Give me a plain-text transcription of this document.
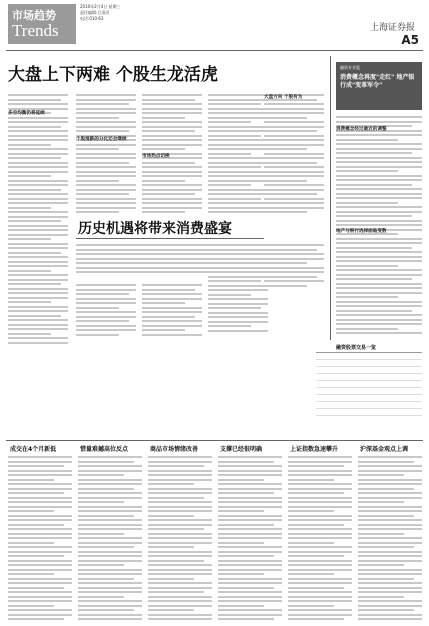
市场趋势
Trends
2010年2月4日 星期三
责任编辑:吕清河
电话:010-63
上海证券报
A5
大盘上下两难 个股生龙活虎
多空均衡仍将延续
个股涨跌的分化还会继续
市场热点切换
大盘方向 个股有为
融资专业股
消费概念再度"走红" 地产银行成"变革军令"
消费概念经过最近的调整
地产与银行选择面临变数
历史机遇将带来消费盛宴
融资股票交易一览
成交在4个月新低	惜量难撼高位反点	商品市场情绪改善	支撑已经很明确	上证指数急速攀升	沪深基金观点上调
